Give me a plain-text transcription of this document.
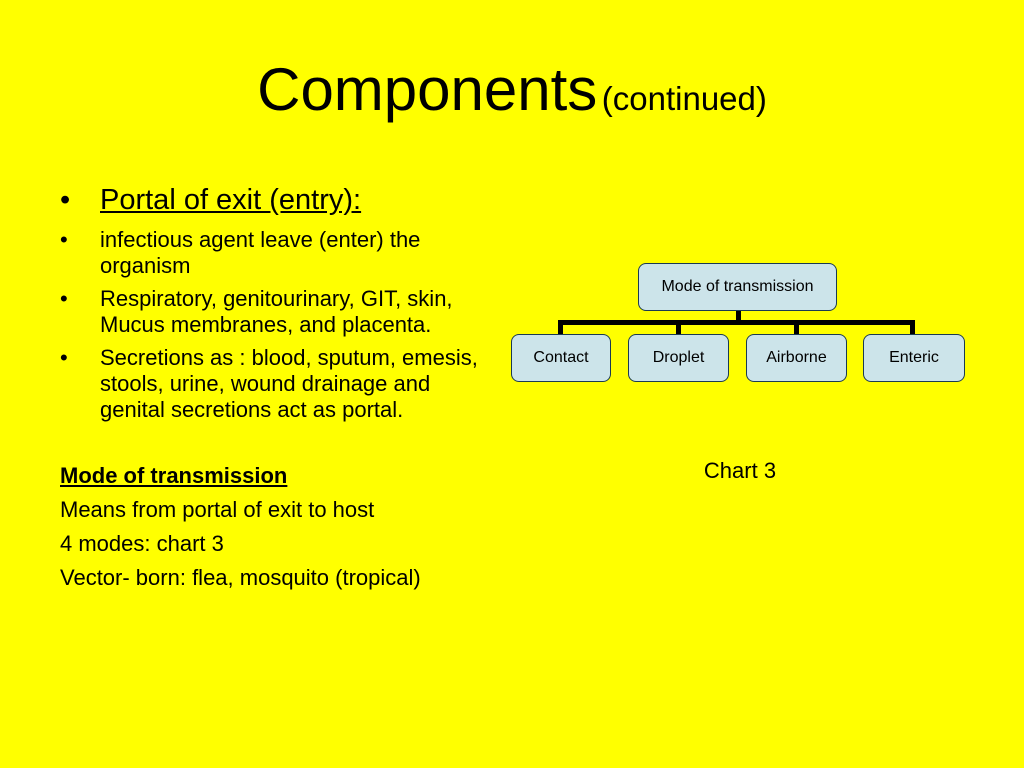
Components (continued)
• Portal of exit (entry):
• infectious agent leave (enter) the organism
• Respiratory, genitourinary, GIT, skin, Mucus membranes, and placenta.
• Secretions as : blood, sputum, emesis, stools, urine, wound drainage and genital secretions act as portal.
Mode of transmission
Means from portal of exit to host
4 modes: chart 3
Vector- born: flea, mosquito (tropical)
Mode of transmission
Contact	Droplet	Airborne	Enteric
Chart 3
